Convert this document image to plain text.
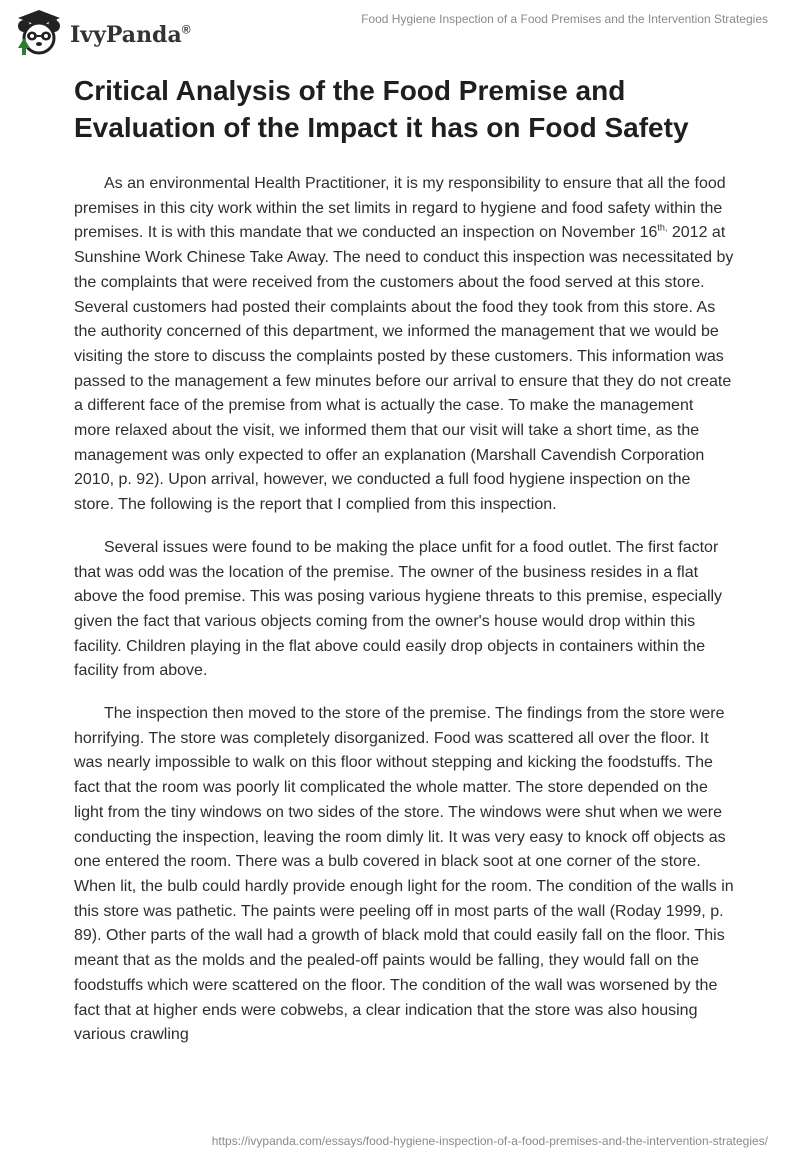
IvyPanda®
Food Hygiene Inspection of a Food Premises and the Intervention Strategies
Critical Analysis of the Food Premise and Evaluation of the Impact it has on Food Safety

As an environmental Health Practitioner, it is my responsibility to ensure that all the food premises in this city work within the set limits in regard to hygiene and food safety within the premises. It is with this mandate that we conducted an inspection on November $16^{th,}$ 2012 at Sunshine Work Chinese Take Away. The need to conduct this inspection was necessitated by the complaints that were received from the customers about the food served at this store. Several customers had posted their complaints about the food they took from this store. As the authority concerned of this department, we informed the management that we would be visiting the store to discuss the complaints posted by these customers. This information was passed to the management a few minutes before our arrival to ensure that they do not create a different face of the premise from what is actually the case. To make the management more relaxed about the visit, we informed them that our visit will take a short time, as the management was only expected to offer an explanation (Marshall Cavendish Corporation 2010, p. 92). Upon arrival, however, we conducted a full food hygiene inspection on the store. The following is the report that I complied from this inspection.

Several issues were found to be making the place unfit for a food outlet. The first factor that was odd was the location of the premise. The owner of the business resides in a flat above the food premise. This was posing various hygiene threats to this premise, especially given the fact that various objects coming from the owner's house would drop within this facility. Children playing in the flat above could easily drop objects in containers within the facility from above.

The inspection then moved to the store of the premise. The findings from the store were horrifying. The store was completely disorganized. Food was scattered all over the floor. It was nearly impossible to walk on this floor without stepping and kicking the foodstuffs. The fact that the room was poorly lit complicated the whole matter. The store depended on the light from the tiny windows on two sides of the store. The windows were shut when we were conducting the inspection, leaving the room dimly lit. It was very easy to knock off objects as one entered the room. There was a bulb covered in black soot at one corner of the store. When lit, the bulb could hardly provide enough light for the room. The condition of the walls in this store was pathetic. The paints were peeling off in most parts of the wall (Roday 1999, p. 89). Other parts of the wall had a growth of black mold that could easily fall on the floor. This meant that as the molds and the pealed-off paints would be falling, they would fall on the foodstuffs which were scattered on the floor. The condition of the wall was worsened by the fact that at higher ends were cobwebs, a clear indication that the store was also housing various crawling

https://ivypanda.com/essays/food-hygiene-inspection-of-a-food-premises-and-the-intervention-strategies/
